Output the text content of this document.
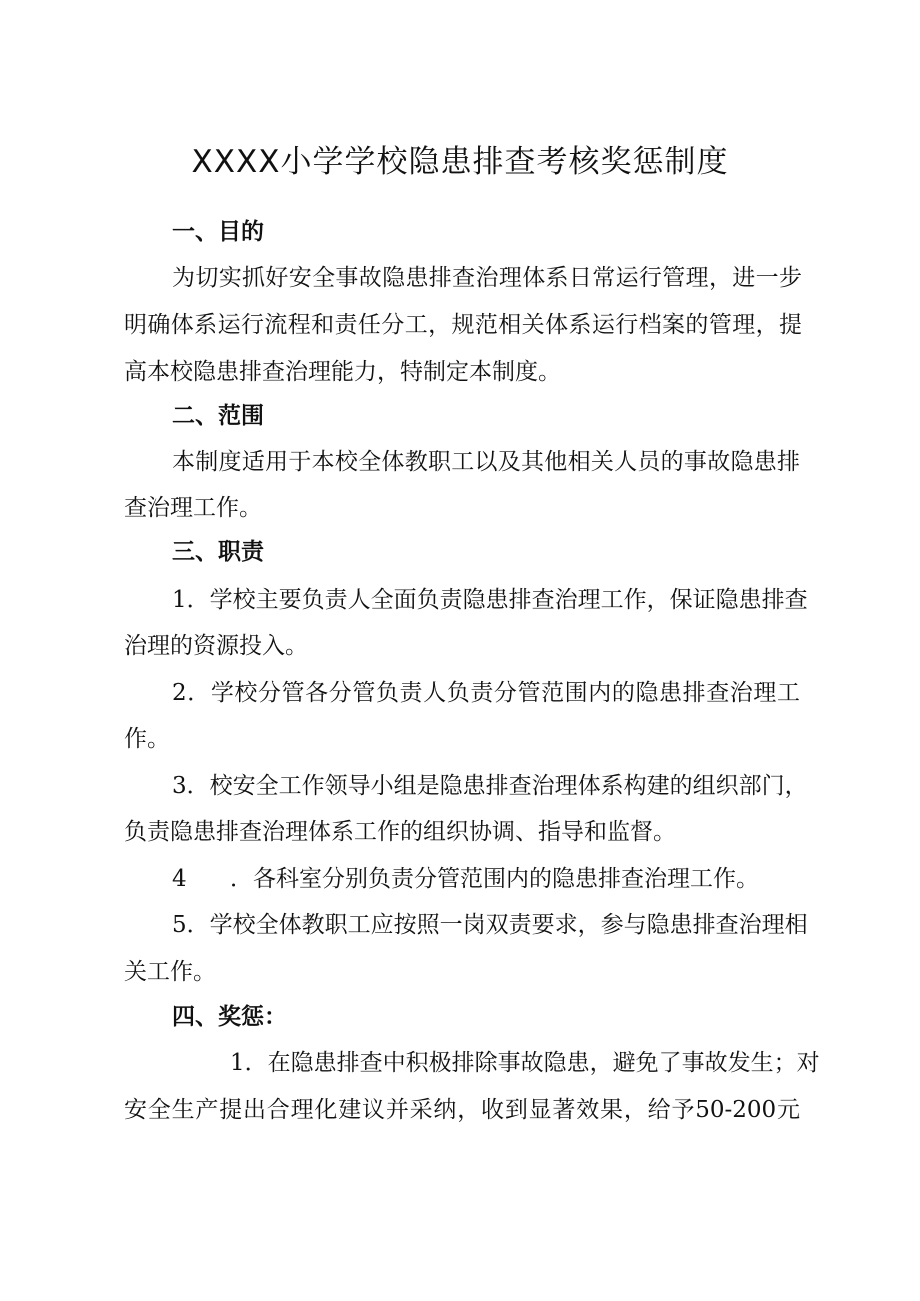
XXXX小学学校隐患排查考核奖惩制度

一、目的

为切实抓好安全事故隐患排查治理体系日常运行管理，进一步

明确体系运行流程和责任分工，规范相关体系运行档案的管理，提

高本校隐患排查治理能力，特制定本制度。

二、范围

本制度适用于本校全体教职工以及其他相关人员的事故隐患排

查治理工作。

三、职责

1．学校主要负责人全面负责隐患排查治理工作，保证隐患排查

治理的资源投入。

2．学校分管各分管负责人负责分管范围内的隐患排查治理工

作。

3．校安全工作领导小组是隐患排查治理体系构建的组织部门，

负责隐患排查治理体系工作的组织协调、指导和监督。

4 ．各科室分别负责分管范围内的隐患排查治理工作。

5．学校全体教职工应按照一岗双责要求，参与隐患排查治理相

关工作。

四、奖惩：

1．在隐患排查中积极排除事故隐患，避免了事故发生；对

安全生产提出合理化建议并采纳，收到显著效果，给予50-200元
